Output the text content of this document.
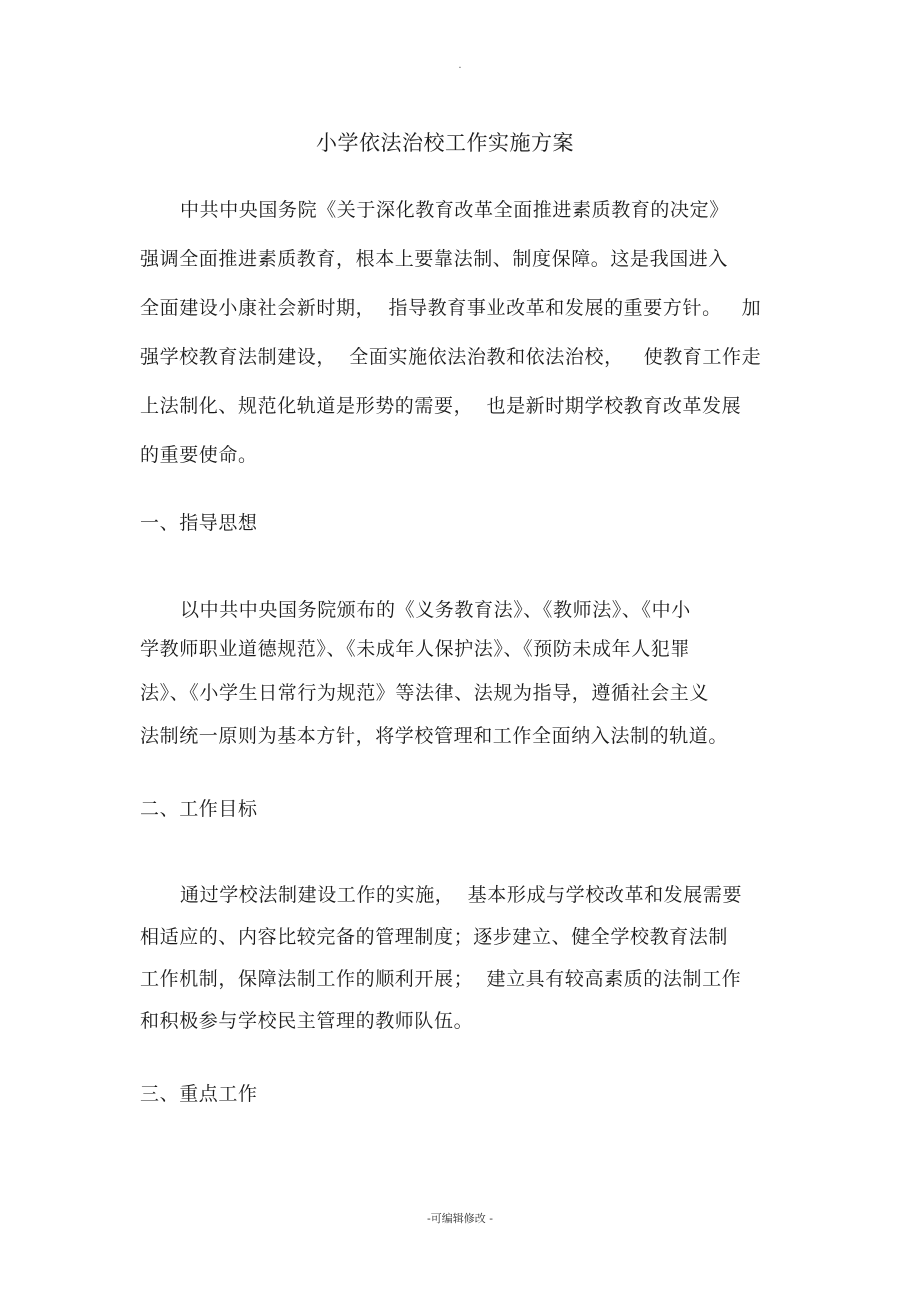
.
小学依法治校工作实施方案
中共中央国务院《关于深化教育改革全面推进素质教育的决定》
强调全面推进素质教育，根本上要靠法制、制度保障。这是我国进入
全面建设小康社会新时期，  指导教育事业改革和发展的重要方针。   加
强学校教育法制建设，  全面实施依法治教和依法治校，   使教育工作走
上法制化、规范化轨道是形势的需要，  也是新时期学校教育改革发展
的重要使命。
一、指导思想
以中共中央国务院颁布的《义务教育法》、《教师法》、《中小
学教师职业道德规范》、《未成年人保护法》、《预防未成年人犯罪
法》、《小学生日常行为规范》等法律、法规为指导，遵循社会主义
法制统一原则为基本方针，将学校管理和工作全面纳入法制的轨道。
二、工作目标
通过学校法制建设工作的实施，  基本形成与学校改革和发展需要
相适应的、内容比较完备的管理制度；逐步建立、健全学校教育法制
工作机制，保障法制工作的顺利开展；  建立具有较高素质的法制工作
和积极参与学校民主管理的教师队伍。
三、重点工作
-可编辑修改 -
